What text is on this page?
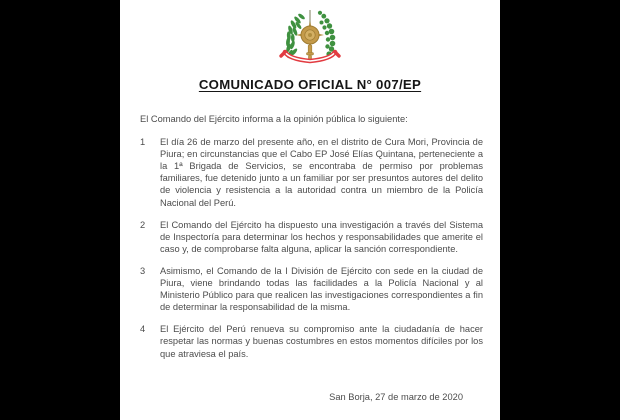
COMUNICADO OFICIAL N° 007/EP
El Comando del Ejército informa a la opinión pública lo siguiente:
1	El día 26 de marzo del presente año, en el distrito de Cura Mori, Provincia de Piura; en circunstancias que el Cabo EP José Elías Quintana, perteneciente a la 1ª Brigada de Servicios, se encontraba de permiso por problemas familiares, fue detenido junto a un familiar por ser presuntos autores del delito de violencia y resistencia a la autoridad contra un miembro de la Policía Nacional del Perú.
2	El Comando del Ejército ha dispuesto una investigación a través del Sistema de Inspectoría para determinar los hechos y responsabilidades que amerite el caso y, de comprobarse falta alguna, aplicar la sanción correspondiente.
3	Asimismo, el Comando de la I División de Ejército con sede en la ciudad de Piura, viene brindando todas las facilidades a la Policía Nacional y al Ministerio Público para que realicen las investigaciones correspondientes a fin de determinar la responsabilidad de la misma.
4	El Ejército del Perú renueva su compromiso ante la ciudadanía de hacer respetar las normas y buenas costumbres en estos momentos difíciles por los que atraviesa el país.
San Borja, 27 de marzo de 2020
